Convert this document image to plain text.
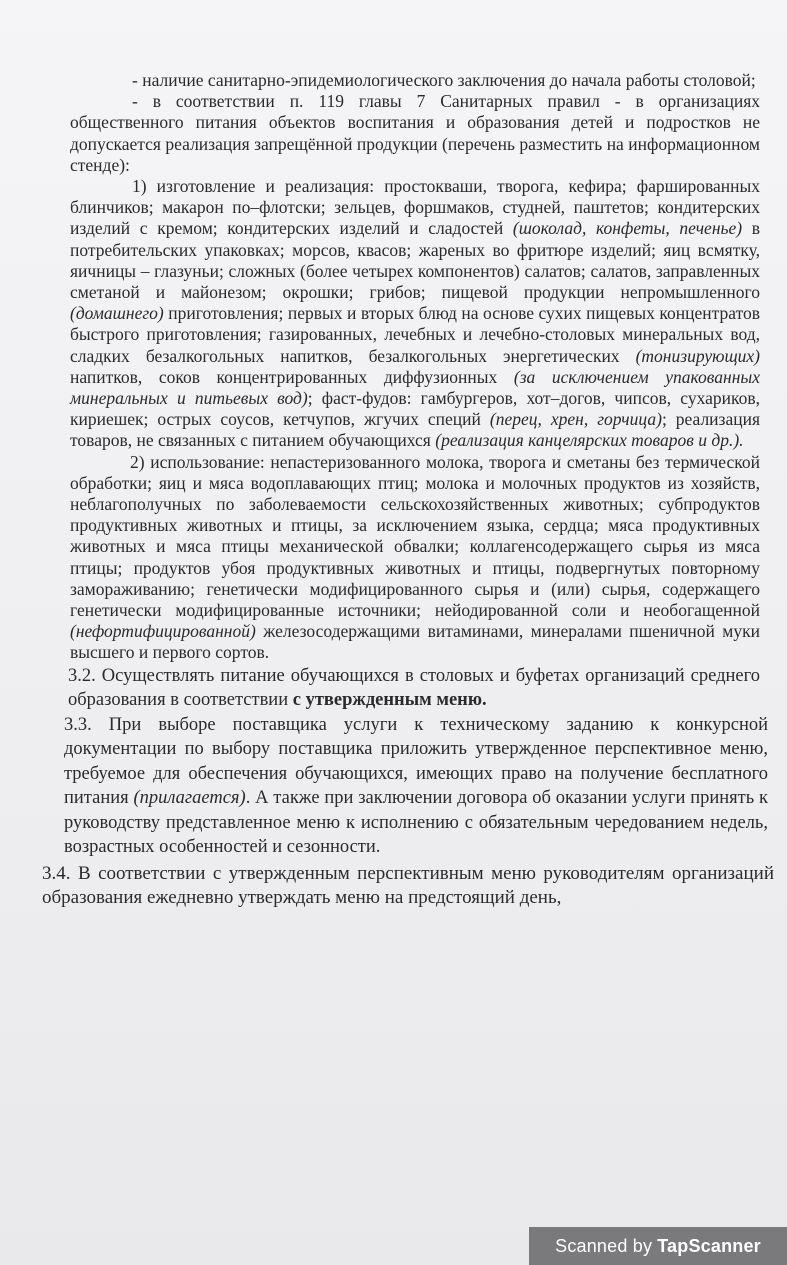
- наличие санитарно-эпидемиологического заключения до начала работы столовой;

- в соответствии п. 119 главы 7 Санитарных правил - в организациях общественного питания объектов воспитания и образования детей и подростков не допускается реализация запрещённой продукции (перечень разместить на информационном стенде):

1) изготовление и реализация: простокваши, творога, кефира; фаршированных блинчиков; макарон по–флотски; зельцев, форшмаков, студней, паштетов; кондитерских изделий с кремом; кондитерских изделий и сладостей (шоколад, конфеты, печенье) в потребительских упаковках; морсов, квасов; жареных во фритюре изделий; яиц всмятку, яичницы – глазуньи; сложных (более четырех компонентов) салатов; салатов, заправленных сметаной и майонезом; окрошки; грибов; пищевой продукции непромышленного (домашнего) приготовления; первых и вторых блюд на основе сухих пищевых концентратов быстрого приготовления; газированных, лечебных и лечебно-столовых минеральных вод, сладких безалкогольных напитков, безалкогольных энергетических (тонизирующих) напитков, соков концентрированных диффузионных (за исключением упакованных минеральных и питьевых вод); фаст-фудов: гамбургеров, хот–догов, чипсов, сухариков, кириешек; острых соусов, кетчупов, жгучих специй (перец, хрен, горчица); реализация товаров, не связанных с питанием обучающихся (реализация канцелярских товаров и др.).

2) использование: непастеризованного молока, творога и сметаны без термической обработки; яиц и мяса водоплавающих птиц; молока и молочных продуктов из хозяйств, неблагополучных по заболеваемости сельскохозяйственных животных; субпродуктов продуктивных животных и птицы, за исключением языка, сердца; мяса продуктивных животных и мяса птицы механической обвалки; коллагенсодержащего сырья из мяса птицы; продуктов убоя продуктивных животных и птицы, подвергнутых повторному замораживанию; генетически модифицированного сырья и (или) сырья, содержащего генетически модифицированные источники; нейодированной соли и необогащенной (нефортифицированной) железосодержащими витаминами, минералами пшеничной муки высшего и первого сортов.

3.2. Осуществлять питание обучающихся в столовых и буфетах организаций среднего образования в соответствии с утвержденным меню.

3.3. При выборе поставщика услуги к техническому заданию к конкурсной документации по выбору поставщика приложить утвержденное перспективное меню, требуемое для обеспечения обучающихся, имеющих право на получение бесплатного питания (прилагается). А также при заключении договора об оказании услуги принять к руководству представленное меню к исполнению с обязательным чередованием недель, возрастных особенностей и сезонности.

3.4. В соответствии с утвержденным перспективным меню руководителям организаций образования ежедневно утверждать меню на предстоящий день,

Scanned by TapScanner
